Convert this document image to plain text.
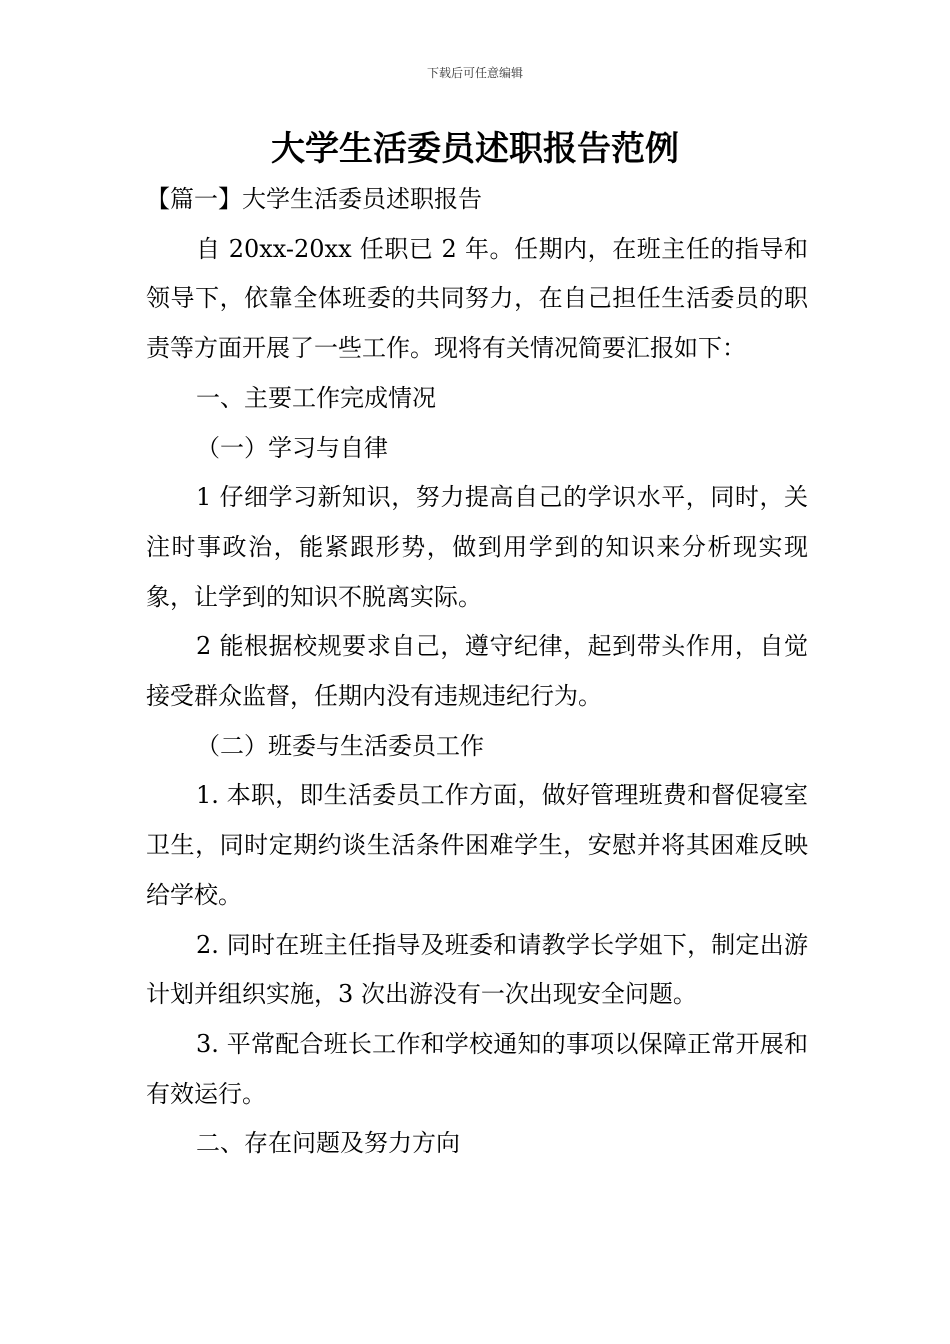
下载后可任意编辑
大学生活委员述职报告范例

【篇一】大学生活委员述职报告

自 20xx-20xx 任职已 2 年。任期内，在班主任的指导和领导下，依靠全体班委的共同努力，在自己担任生活委员的职责等方面开展了一些工作。现将有关情况简要汇报如下：

一、主要工作完成情况

（一）学习与自律

1 仔细学习新知识，努力提高自己的学识水平，同时，关注时事政治，能紧跟形势，做到用学到的知识来分析现实现象，让学到的知识不脱离实际。

2 能根据校规要求自己，遵守纪律，起到带头作用，自觉接受群众监督，任期内没有违规违纪行为。

（二）班委与生活委员工作

1. 本职，即生活委员工作方面，做好管理班费和督促寝室卫生，同时定期约谈生活条件困难学生，安慰并将其困难反映给学校。

2. 同时在班主任指导及班委和请教学长学姐下，制定出游计划并组织实施，3 次出游没有一次出现安全问题。

3. 平常配合班长工作和学校通知的事项以保障正常开展和有效运行。

二、存在问题及努力方向
